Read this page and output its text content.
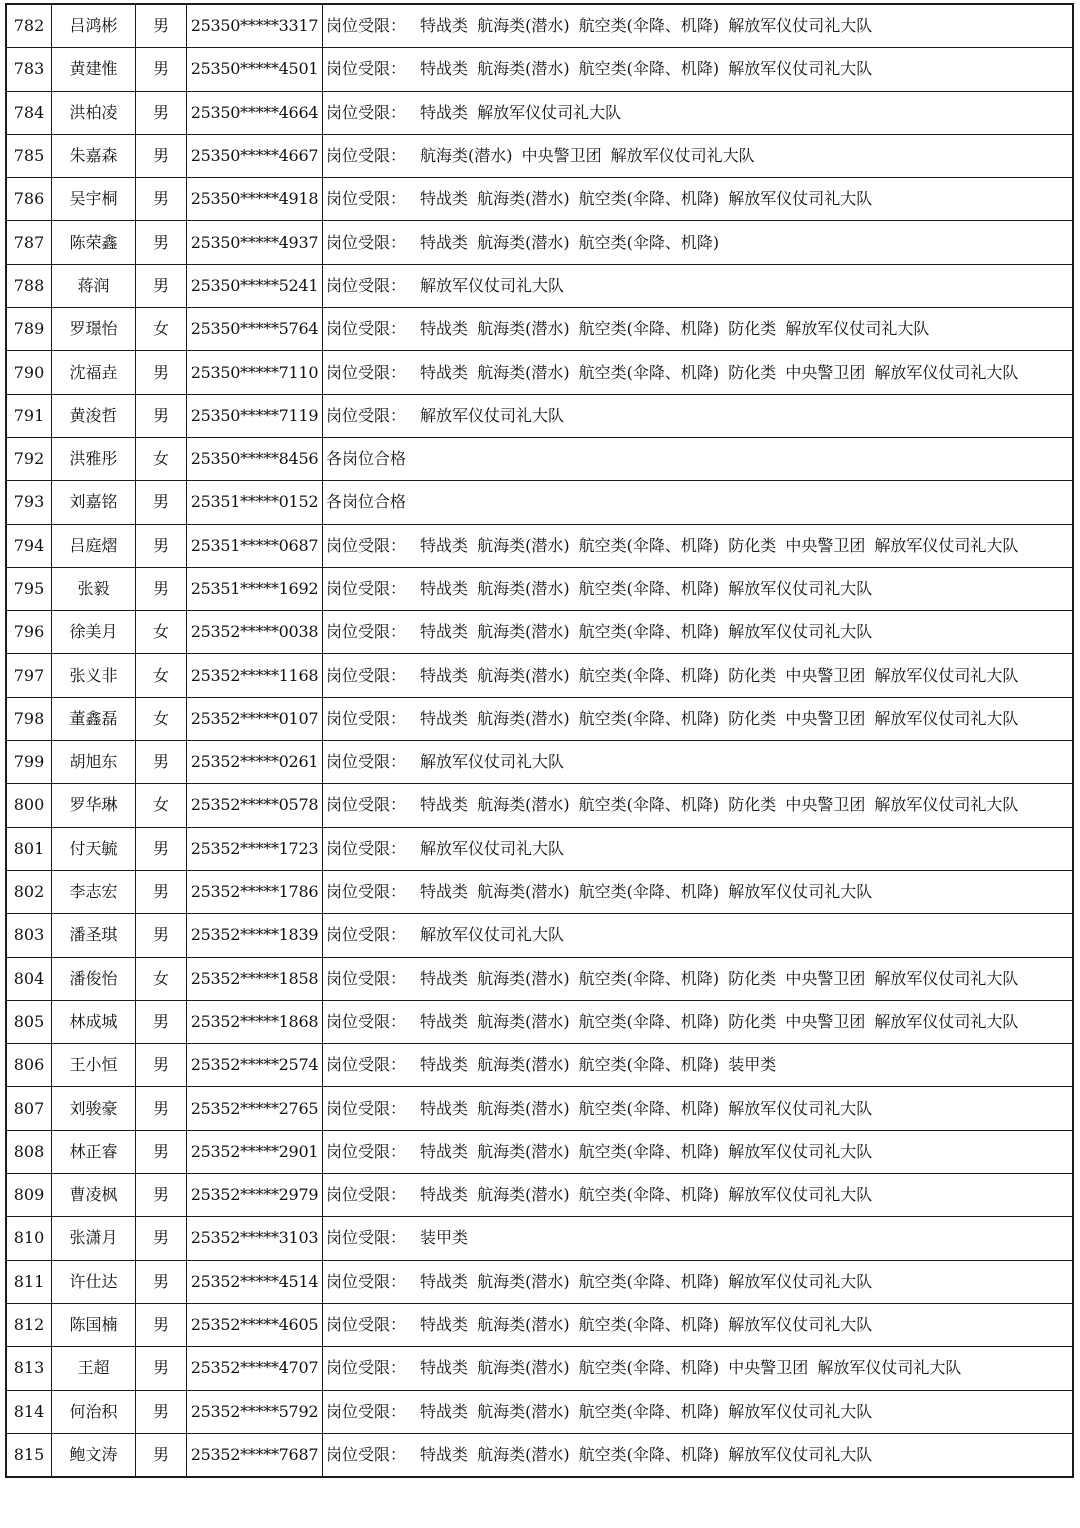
782	吕鸿彬	男	25350*****3317	岗位受限： 特战类 航海类(潜水) 航空类(伞降、机降) 解放军仪仗司礼大队
783	黄建惟	男	25350*****4501	岗位受限： 特战类 航海类(潜水) 航空类(伞降、机降) 解放军仪仗司礼大队
784	洪柏凌	男	25350*****4664	岗位受限： 特战类 解放军仪仗司礼大队
785	朱嘉森	男	25350*****4667	岗位受限： 航海类(潜水) 中央警卫团 解放军仪仗司礼大队
786	吴宇桐	男	25350*****4918	岗位受限： 特战类 航海类(潜水) 航空类(伞降、机降) 解放军仪仗司礼大队
787	陈荣鑫	男	25350*****4937	岗位受限： 特战类 航海类(潜水) 航空类(伞降、机降)
788	蒋润	男	25350*****5241	岗位受限： 解放军仪仗司礼大队
789	罗璟怡	女	25350*****5764	岗位受限： 特战类 航海类(潜水) 航空类(伞降、机降) 防化类 解放军仪仗司礼大队
790	沈福垚	男	25350*****7110	岗位受限： 特战类 航海类(潜水) 航空类(伞降、机降) 防化类 中央警卫团 解放军仪仗司礼大队
791	黄浚哲	男	25350*****7119	岗位受限： 解放军仪仗司礼大队
792	洪雅彤	女	25350*****8456	各岗位合格
793	刘嘉铭	男	25351*****0152	各岗位合格
794	吕庭熠	男	25351*****0687	岗位受限： 特战类 航海类(潜水) 航空类(伞降、机降) 防化类 中央警卫团 解放军仪仗司礼大队
795	张毅	男	25351*****1692	岗位受限： 特战类 航海类(潜水) 航空类(伞降、机降) 解放军仪仗司礼大队
796	徐美月	女	25352*****0038	岗位受限： 特战类 航海类(潜水) 航空类(伞降、机降) 解放军仪仗司礼大队
797	张义非	女	25352*****1168	岗位受限： 特战类 航海类(潜水) 航空类(伞降、机降) 防化类 中央警卫团 解放军仪仗司礼大队
798	董鑫磊	女	25352*****0107	岗位受限： 特战类 航海类(潜水) 航空类(伞降、机降) 防化类 中央警卫团 解放军仪仗司礼大队
799	胡旭东	男	25352*****0261	岗位受限： 解放军仪仗司礼大队
800	罗华琳	女	25352*****0578	岗位受限： 特战类 航海类(潜水) 航空类(伞降、机降) 防化类 中央警卫团 解放军仪仗司礼大队
801	付天毓	男	25352*****1723	岗位受限： 解放军仪仗司礼大队
802	李志宏	男	25352*****1786	岗位受限： 特战类 航海类(潜水) 航空类(伞降、机降) 解放军仪仗司礼大队
803	潘圣琪	男	25352*****1839	岗位受限： 解放军仪仗司礼大队
804	潘俊怡	女	25352*****1858	岗位受限： 特战类 航海类(潜水) 航空类(伞降、机降) 防化类 中央警卫团 解放军仪仗司礼大队
805	林成城	男	25352*****1868	岗位受限： 特战类 航海类(潜水) 航空类(伞降、机降) 防化类 中央警卫团 解放军仪仗司礼大队
806	王小恒	男	25352*****2574	岗位受限： 特战类 航海类(潜水) 航空类(伞降、机降) 装甲类
807	刘骏豪	男	25352*****2765	岗位受限： 特战类 航海类(潜水) 航空类(伞降、机降) 解放军仪仗司礼大队
808	林正睿	男	25352*****2901	岗位受限： 特战类 航海类(潜水) 航空类(伞降、机降) 解放军仪仗司礼大队
809	曹凌枫	男	25352*****2979	岗位受限： 特战类 航海类(潜水) 航空类(伞降、机降) 解放军仪仗司礼大队
810	张潇月	男	25352*****3103	岗位受限： 装甲类
811	许仕达	男	25352*****4514	岗位受限： 特战类 航海类(潜水) 航空类(伞降、机降) 解放军仪仗司礼大队
812	陈国楠	男	25352*****4605	岗位受限： 特战类 航海类(潜水) 航空类(伞降、机降) 解放军仪仗司礼大队
813	王超	男	25352*****4707	岗位受限： 特战类 航海类(潜水) 航空类(伞降、机降) 中央警卫团 解放军仪仗司礼大队
814	何治积	男	25352*****5792	岗位受限： 特战类 航海类(潜水) 航空类(伞降、机降) 解放军仪仗司礼大队
815	鲍文涛	男	25352*****7687	岗位受限： 特战类 航海类(潜水) 航空类(伞降、机降) 解放军仪仗司礼大队
